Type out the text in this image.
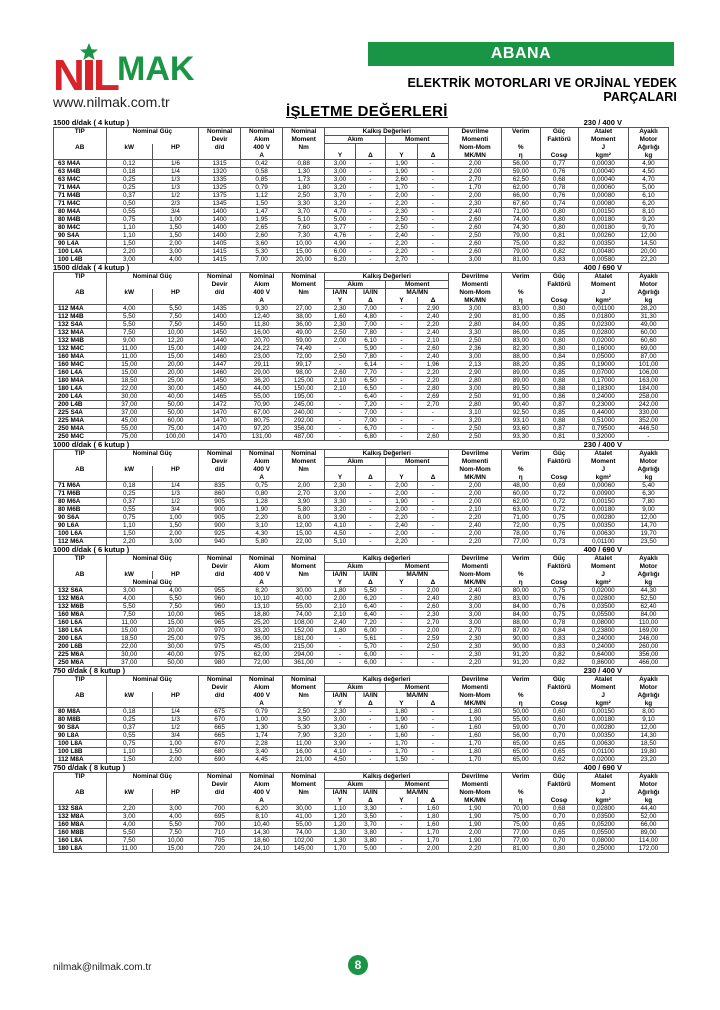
N L MAK
www.nilmak.com.tr
ABANA
ELEKTRİK MOTORLARI VE ORJİNAL YEDEK PARÇALARI
İŞLETME DEĞERLERİ
1500 d/dak ( 4 kutup )	230 / 400 V
TIP	Nominal Güç		Nominal	Nominal	Nominal	Kalkış Değerleri				Devrilme	Verim	Güç	Atalet	Ayaklı
			Devir	Akım	Moment	Akım		Moment		Momenti		Faktörü	Moment	Motor
AB	kW	HP	d/d	400 V	Nm					Nom-Mom	%		J	Ağırlığı
				A		Y	Δ	Y	Δ	MK/MN	η	Cosφ	kgm²	kg
63 M4A	0,12	1/6	1315	0,42	0,88	3,00	-	1,90	-	2,00	56,00	0,77	0,00030	4,90
63 M4B	0,18	1/4	1320	0,58	1,30	3,00	-	1,90	-	2,00	59,00	0,76	0,00040	4,50
63 M4C	0,25	1/3	1335	0,85	1,73	3,00	-	2,60	-	2,70	62,50	0,68	0,00040	4,70
71 M4A	0,25	1/3	1325	0,79	1,80	3,20	-	1,70	-	1,70	62,00	0,78	0,00060	5,00
71 M4B	0,37	1/2	1375	1,12	2,50	3,70	-	2,00	-	2,00	66,00	0,76	0,00080	6,10
71 M4C	0,50	2/3	1345	1,50	3,30	3,20	-	2,20	-	2,30	67,60	0,74	0,00080	6,20
80 M4A	0,55	3/4	1400	1,47	3,70	4,70	-	2,30	-	2,40	71,00	0,80	0,00150	8,10
80 M4B	0,75	1,00	1400	1,95	5,10	5,00	-	2,50	-	2,60	74,00	0,80	0,00180	9,20
80 M4C	1,10	1,50	1400	2,65	7,60	3,77	-	2,50	-	2,60	74,30	0,80	0,00180	9,70
90 S4A	1,10	1,50	1400	2,60	7,30	4,76	-	2,40	-	2,50	79,00	0,81	0,00260	12,00
90 L4A	1,50	2,00	1405	3,60	10,00	4,90	-	2,20	-	2,60	75,00	0,82	0,00350	14,50
100 L4A	2,20	3,00	1415	5,30	15,00	6,00	-	2,20	-	2,60	79,00	0,82	0,00480	20,00
100 L4B	3,00	4,00	1415	7,00	20,00	6,20	-	2,70	-	3,00	81,00	0,83	0,00580	22,20
1500 d/dak ( 4 kutup )	400 / 690 V
TIP	Nominal Güç		Nominal	Nominal	Nominal	Kalkış Değerleri				Devrilme	Verim	Güç	Atalet	Ayaklı
			Devir	Akım	Moment	Akım		Moment		Momenti		Faktörü	Moment	Motor
AB	kW	HP	d/d	400 V	Nm	IA/IN	IA/IN	MA/MN		Nom-Mom	%		J	Ağırlığı
				A		Y	Δ	Y	Δ	MK/MN	η	Cosφ	kgm²	kg
112 M4A	4,00	5,50	1435	9,30	27,00	2,30	7,00	-	2,90	3,00	83,00	0,80	0,01100	28,20
112 M4B	5,50	7,50	1400	12,40	38,00	1,60	4,80	-	2,40	2,90	81,00	0,85	0,01800	31,30
132 S4A	5,50	7,50	1450	11,80	36,00	2,30	7,00	-	2,20	2,80	84,00	0,85	0,02300	49,00
132 M4A	7,50	10,00	1450	16,00	49,00	2,50	7,80	-	2,40	3,30	86,00	0,85	0,02800	60,00
132 M4B	9,00	12,20	1440	20,70	59,00	2,00	6,10	-	2,10	2,50	83,00	0,80	0,02000	60,60
132 M4C	11,00	15,00	1409	24,22	74,49	-	5,90	-	2,60	2,36	82,30	0,80	0,16000	69,00
160 M4A	11,00	15,00	1460	23,00	72,00	2,50	7,80	-	2,40	3,00	88,00	0,84	0,05000	87,00
160 M4C	15,00	20,00	1447	29,11	99,17	-	6,14	-	1,96	2,13	88,20	0,85	0,19000	101,00
160 L4A	15,00	20,00	1460	29,00	98,00	2,60	7,70	-	2,20	2,90	89,00	0,85	0,07000	106,00
180 M4A	18,50	25,00	1450	36,20	125,00	2,10	6,50	-	2,20	2,80	89,00	0,88	0,17000	163,00
180 L4A	22,00	30,00	1450	44,00	150,00	2,10	6,50	-	2,80	3,00	89,50	0,88	0,18300	184,00
200 L4A	30,00	40,00	1465	55,00	195,00	-	6,40	-	2,69	2,50	91,00	0,86	0,24000	258,00
200 L4B	37,00	50,00	1472	70,90	245,00	-	7,20	-	2,70	2,80	90,40	0,87	0,23000	242,00
225 S4A	37,00	50,00	1470	67,00	240,00	-	7,00	-	-	3,10	92,50	0,85	0,44000	330,00
225 M4A	45,00	60,00	1470	80,75	292,00	-	7,00	-	-	3,20	93,10	0,88	0,51000	352,00
250 M4A	55,00	75,00	1470	97,20	356,00	-	6,70	-	-	2,50	93,60	0,87	0,79500	446,50
250 M4C	75,00	100,00	1470	131,00	487,00	-	6,80	-	2,60	2,50	93,30	0,81	0,32000	-
1000 d/dak ( 6 kutup )	230 / 400 V
TIP	Nominal Güç		Nominal	Nominal	Nominal	Kalkış Değerleri				Devrilme	Verim	Güç	Atalet	Ayaklı
			Devir	Akım	Moment	Akım		Moment		Momenti		Faktörü	Moment	Motor
AB	kW	HP	d/d	400 V	Nm					Nom-Mom	%		J	Ağırlığı
				A		Y	Δ	Y	Δ	MK/MN	η	Cosφ	kgm²	kg
71 M6A	0,18	1/4	835	0,75	2,00	2,30	-	2,00	-	2,00	48,00	0,69	0,00060	5,40
71 M6B	0,25	1/3	860	0,80	2,70	3,00	-	2,00	-	2,00	60,00	0,72	0,00900	6,30
80 M6A	0,37	1/2	905	1,28	3,90	3,30	-	1,90	-	2,00	62,00	0,72	0,00150	7,80
80 M6B	0,55	3/4	900	1,90	5,80	3,20	-	2,00	-	2,10	63,00	0,72	0,00180	9,00
90 S6A	0,75	1,00	905	2,20	8,00	3,90	-	2,20	-	2,20	71,00	0,75	0,00280	12,00
90 L6A	1,10	1,50	900	3,10	12,00	4,10	-	2,40	-	2,40	72,00	0,75	0,00350	14,70
100 L6A	1,50	2,00	925	4,30	15,00	4,50	-	2,00	-	2,00	78,00	0,76	0,00630	19,70
112 M6A	2,20	3,00	940	5,80	22,00	5,10	-	2,20	-	2,20	77,00	0,73	0,01100	23,50
1000 d/dak ( 6 kutup )	400 / 690 V
TIP	Nominal Güç		Nominal	Nominal	Nominal	Kalkış değerleri				Devrilme	Verim	Güç	Atalet	Ayaklı
			Devir	Akım	Moment	Akım		Moment		Momenti		Faktörü	Moment	Motor
AB	kW	HP	d/d	400 V	Nm	IA/IN	IA/IN	MA/MN		Nom-Mom	%		J	Ağırlığı
	Nominal Güç			A		Y	Δ	Y	Δ	MK/MN	η	Cosφ	kgm²	kg
132 S6A	3,00	4,00	955	8,20	30,00	1,80	5,50	-	2,00	2,40	80,00	0,75	0,02000	44,30
132 M6A	4,00	5,50	960	10,10	40,00	2,00	6,20	-	2,40	2,80	83,00	0,76	0,02800	52,50
132 M6B	5,50	7,50	960	13,10	55,00	2,10	6,40	-	2,60	3,00	84,00	0,76	0,03500	62,40
160 M6A	7,50	10,00	965	18,80	74,00	2,10	6,40	-	2,30	3,00	84,00	0,75	0,05500	84,00
160 L6A	11,00	15,00	965	25,20	108,00	2,40	7,20	-	2,70	3,00	88,00	0,78	0,08000	110,00
180 L6A	15,00	20,00	970	33,20	152,00	1,80	6,00	-	2,00	2,70	87,00	0,84	0,23800	169,00
200 L6A	18,50	25,00	975	36,00	181,00	-	5,61	-	2,59	2,30	90,00	0,83	0,24000	246,00
200 L6B	22,00	30,00	975	45,00	215,00	-	5,70	-	2,50	2,30	90,00	0,83	0,24000	260,00
225 M6A	30,00	40,00	975	62,00	294,00	-	6,00	-	-	2,30	91,20	0,82	0,64000	356,00
250 M6A	37,00	50,00	980	72,00	361,00	-	6,00	-	-	2,20	91,20	0,82	0,86000	466,00
750 d/dak ( 8 kutup )	230 / 400 V
TIP	Nominal Güç		Nominal	Nominal	Nominal	Kalkış değerleri				Devrilme	Verim	Güç	Atalet	Ayaklı
			Devir	Akım	Moment	Akım		Moment		Momenti		Faktörü	Moment	Motor
AB	kW	HP	d/d	400 V	Nm	IA/IN	IA/IN	MA/MN		Nom-Mom	%		J	Ağırlığı
				A		Y	Δ	Y	Δ	MK/MN	η	Cosφ	kgm²	kg
80 M8A	0,18	1/4	675	0,79	2,50	2,30	-	1,80	-	1,80	50,00	0,60	0,00150	8,00
80 M8B	0,25	1/3	670	1,00	3,50	3,00	-	1,90	-	1,90	55,00	0,60	0,00180	9,10
90 S8A	0,37	1/2	665	1,30	5,30	3,30	-	1,60	-	1,60	59,00	0,70	0,00280	12,00
90 L8A	0,55	3/4	665	1,74	7,90	3,20	-	1,60	-	1,60	56,00	0,70	0,00350	14,30
100 L8A	0,75	1,00	670	2,28	11,00	3,90	-	1,70	-	1,70	65,00	0,65	0,00630	18,50
100 L8B	1,10	1,50	680	3,40	16,00	4,10	-	1,70	-	1,80	65,00	0,65	0,01100	19,80
112 M8A	1,50	2,00	690	4,45	21,00	4,50	-	1,50	-	1,70	65,00	0,62	0,02000	23,20
750 d/dak ( 8 kutup )	400 / 690 V
TIP	Nominal Güç		Nominal	Nominal	Nominal	Kalkış değerleri				Devrilme	Verim	Güç	Atalet	Ayaklı
			Devir	Akım	Moment	Akım		Moment		Momenti		Faktörü	Moment	Motor
AB	kW	HP	d/d	400 V	Nm	IA/IN	IA/IN	MA/MN		Nom-Mom	%		J	Ağırlığı
				A		Y	Δ	Y	Δ	MK/MN	η	Cosφ	kgm²	kg
132 S8A	2,20	3,00	700	6,20	30,00	1,10	3,30	-	1,60	1,90	70,00	0,68	0,02800	44,40
132 M8A	3,00	4,00	695	8,10	41,00	1,20	3,50	-	1,80	1,90	75,00	0,70	0,03500	52,00
160 M8A	4,00	5,50	700	10,40	55,00	1,20	3,70	-	1,60	1,90	75,00	0,65	0,05200	66,00
160 M8B	5,50	7,50	710	14,30	74,00	1,30	3,80	-	1,70	2,00	77,00	0,65	0,05500	89,00
160 L8A	7,50	10,00	705	18,60	102,00	1,30	3,80	-	1,70	1,90	77,00	0,70	0,08000	114,00
180 L8A	11,00	15,00	720	24,10	145,00	1,70	5,00	-	2,00	2,20	81,00	0,80	0,25000	172,00
nilmak@nilmak.com.tr	8
